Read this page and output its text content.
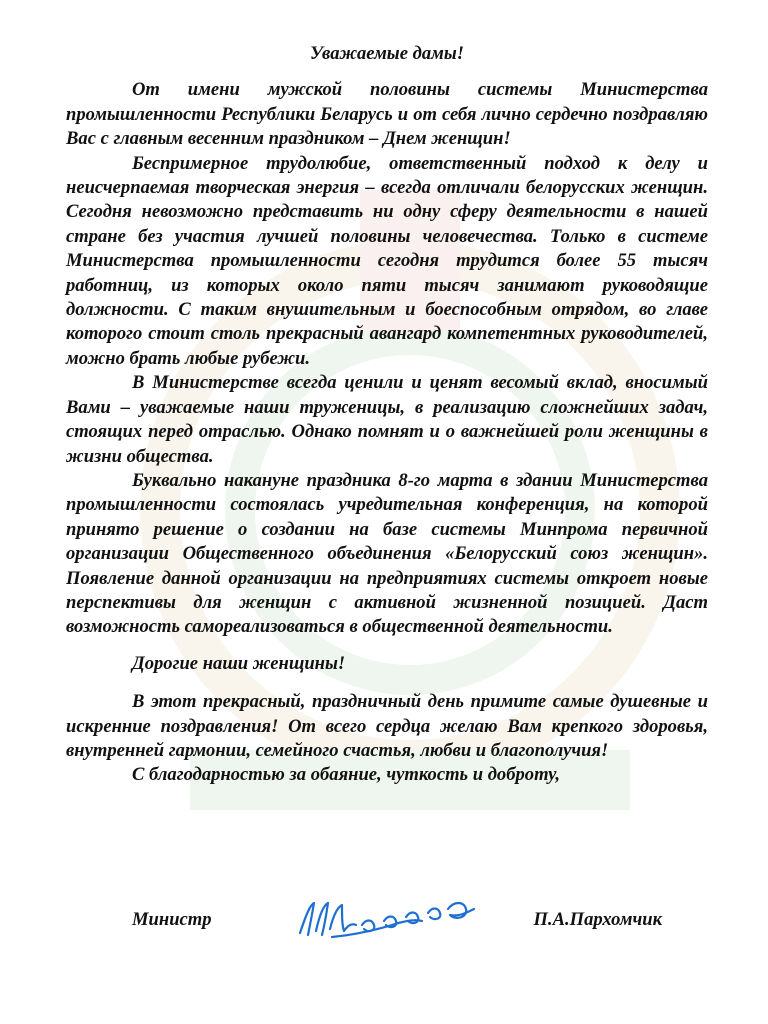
Уважаемые дамы!

От имени мужской половины системы Министерства промышленности Республики Беларусь и от себя лично сердечно поздравляю Вас с главным весенним праздником – Днем женщин!

Беспримерное трудолюбие, ответственный подход к делу и неисчерпаемая творческая энергия – всегда отличали белорусских женщин. Сегодня невозможно представить ни одну сферу деятельности в нашей стране без участия лучшей половины человечества. Только в системе Министерства промышленности сегодня трудится более 55 тысяч работниц, из которых около пяти тысяч занимают руководящие должности. С таким внушительным и боеспособным отрядом, во главе которого стоит столь прекрасный авангард компетентных руководителей, можно брать любые рубежи.

В Министерстве всегда ценили и ценят весомый вклад, вносимый Вами – уважаемые наши труженицы, в реализацию сложнейших задач, стоящих перед отраслью. Однако помнят и о важнейшей роли женщины в жизни общества.

Буквально накануне праздника 8-го марта в здании Министерства промышленности состоялась учредительная конференция, на которой принято решение о создании на базе системы Минпрома первичной организации Общественного объединения «Белорусский союз женщин». Появление данной организации на предприятиях системы откроет новые перспективы для женщин с активной жизненной позицией. Даст возможность самореализоваться в общественной деятельности.

Дорогие наши женщины!

В этот прекрасный, праздничный день примите самые душевные и искренние поздравления! От всего сердца желаю Вам крепкого здоровья, внутренней гармонии, семейного счастья, любви и благополучия!

С благодарностью за обаяние, чуткость и доброту,

Министр	П.А.Пархомчик
